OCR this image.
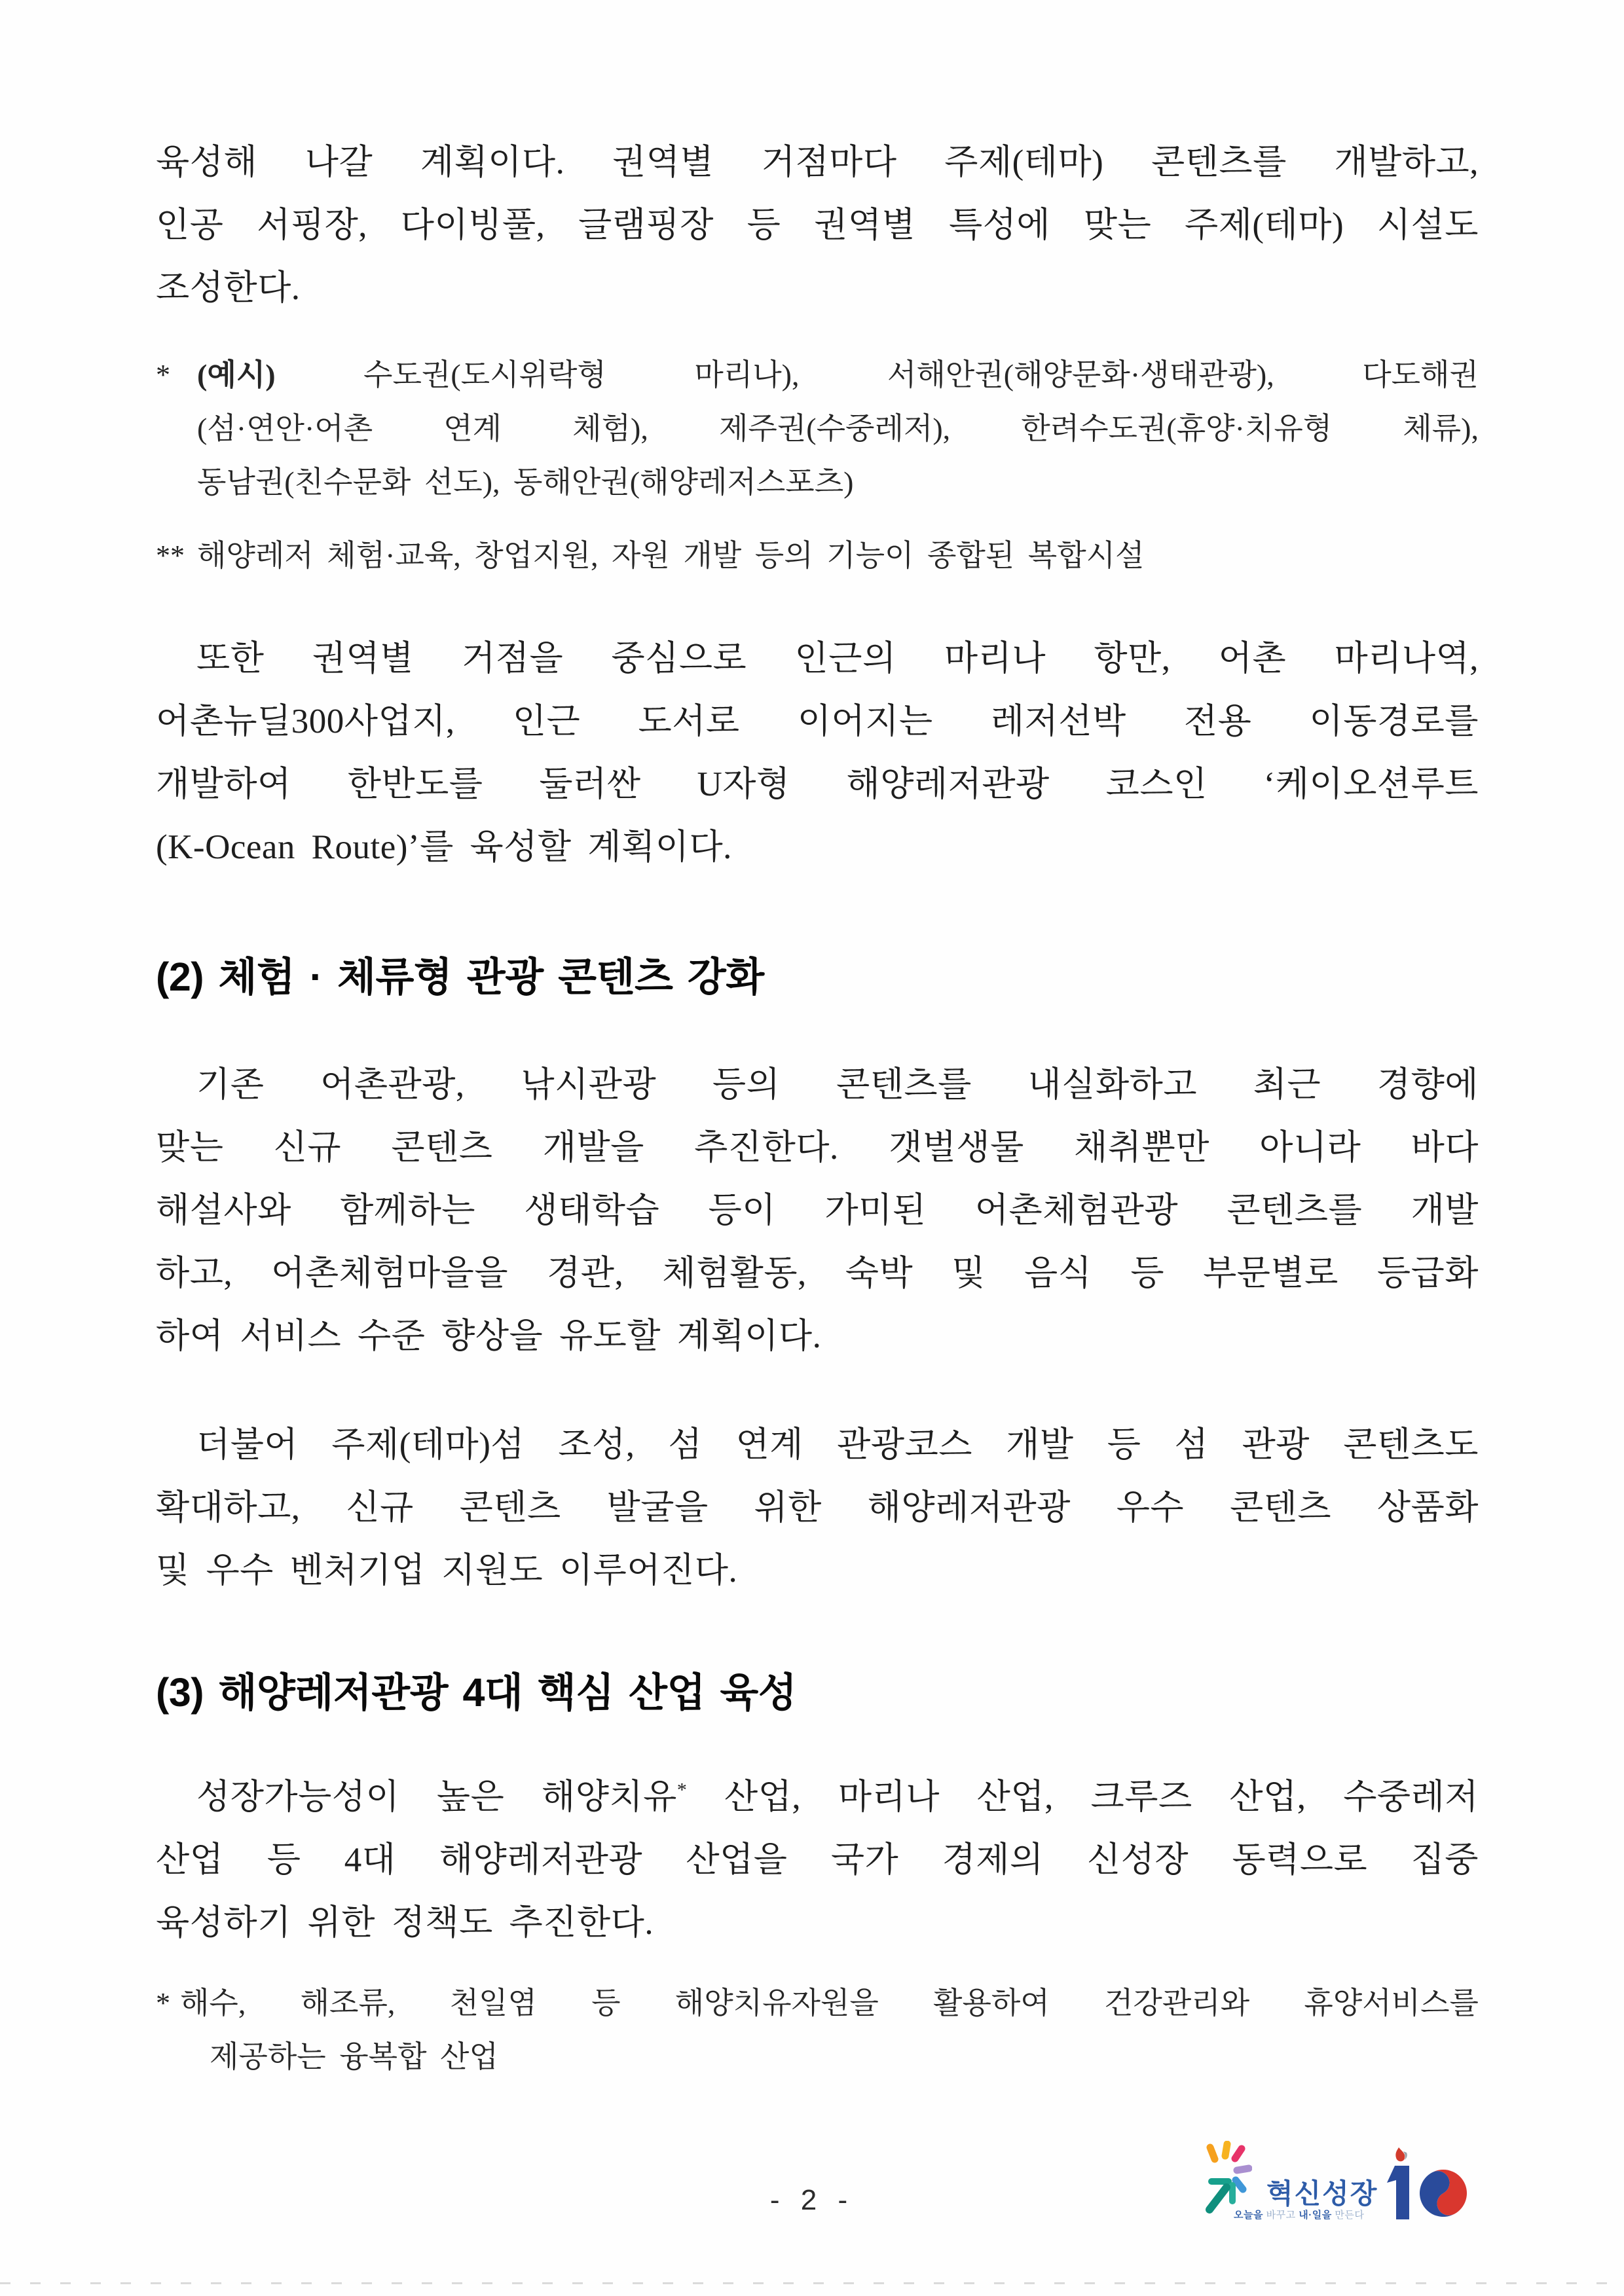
육성해 나갈 계획이다. 권역별 거점마다 주제(테마) 콘텐츠를 개발하고,
인공 서핑장, 다이빙풀, 글램핑장 등 권역별 특성에 맞는 주제(테마) 시설도
조성한다.
* (예시) 수도권(도시위락형 마리나), 서해안권(해양문화·생태관광), 다도해권
(섬·연안·어촌 연계 체험), 제주권(수중레저), 한려수도권(휴양·치유형 체류),
동남권(친수문화 선도), 동해안권(해양레저스포츠)
** 해양레저 체험·교육, 창업지원, 자원 개발 등의 기능이 종합된 복합시설
또한 권역별 거점을 중심으로 인근의 마리나 항만, 어촌 마리나역,
어촌뉴딜300사업지, 인근 도서로 이어지는 레저선박 전용 이동경로를
개발하여 한반도를 둘러싼 U자형 해양레저관광 코스인 ‘케이오션루트
(K-Ocean Route)’를 육성할 계획이다.
(2) 체험 · 체류형 관광 콘텐츠 강화
기존 어촌관광, 낚시관광 등의 콘텐츠를 내실화하고 최근 경향에
맞는 신규 콘텐츠 개발을 추진한다. 갯벌생물 채취뿐만 아니라 바다
해설사와 함께하는 생태학습 등이 가미된 어촌체험관광 콘텐츠를 개발
하고, 어촌체험마을을 경관, 체험활동, 숙박 및 음식 등 부문별로 등급화
하여 서비스 수준 향상을 유도할 계획이다.
더불어 주제(테마)섬 조성, 섬 연계 관광코스 개발 등 섬 관광 콘텐츠도
확대하고, 신규 콘텐츠 발굴을 위한 해양레저관광 우수 콘텐츠 상품화
및 우수 벤처기업 지원도 이루어진다.
(3) 해양레저관광 4대 핵심 산업 육성
성장가능성이 높은 해양치유* 산업, 마리나 산업, 크루즈 산업, 수중레저
산업 등 4대 해양레저관광 산업을 국가 경제의 신성장 동력으로 집중
육성하기 위한 정책도 추진한다.
* 해수, 해조류, 천일염 등 해양치유자원을 활용하여 건강관리와 휴양서비스를
제공하는 융복합 산업
- 2 -	혁신성장
오늘을 바꾸고 내·일을 만든다
